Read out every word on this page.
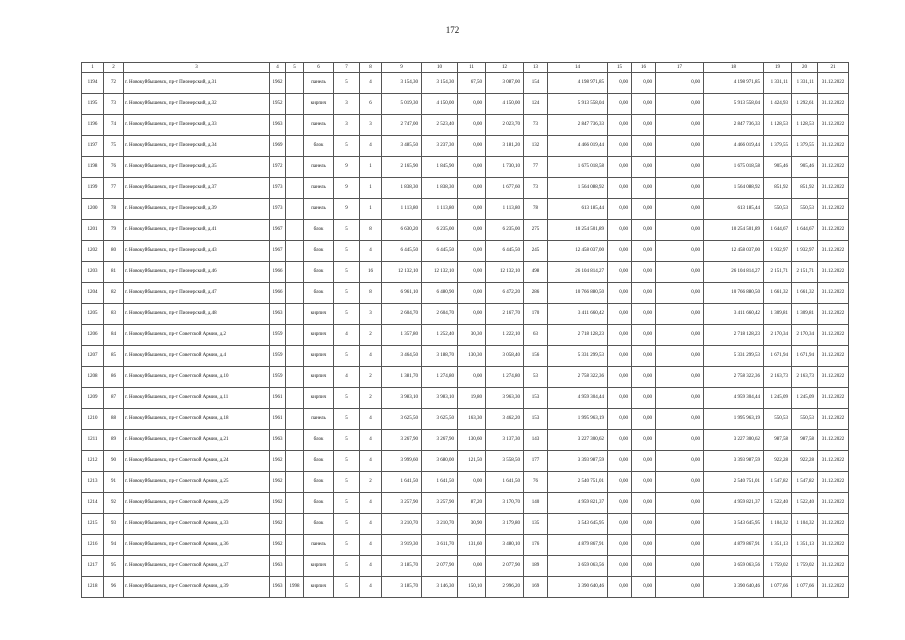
172
1	2	3	4	5	6	7	8	9	10	11	12	13	14	15	16	17	18	19	20	21
1194	72	г. Новокуйбышевск, пр-т Пионерский, д.31	1962		панель	5	4	3 154,30	3 154,30	67,50	3 087,00	154	4 198 971,85	0,00	0,00	0,00	4 198 971,85	1 331,11	1 331,11	31.12.2022
1195	73	г. Новокуйбышевск, пр-т Пионерский, д.32	1952		кирпич	3	6	5 019,30	4 150,00	0,00	4 150,00	124	5 913 558,04	0,00	0,00	0,00	5 913 558,04	1 424,93	1 292,61	31.12.2022
1196	74	г. Новокуйбышевск, пр-т Пионерский, д.33	1963		панель	3	3	2 747,00	2 523,40	0,00	2 023,70	73	2 847 736,33	0,00	0,00	0,00	2 847 736,33	1 128,53	1 128,53	31.12.2022
1197	75	г. Новокуйбышевск, пр-т Пионерский, д.34	1969		блок	5	4	3 485,50	3 237,30	0,00	3 181,20	132	4 466 019,44	0,00	0,00	0,00	4 466 019,44	1 379,55	1 379,55	31.12.2022
1198	76	г. Новокуйбышевск, пр-т Пионерский, д.35	1972		панель	9	1	2 165,90	1 845,90	0,00	1 730,10	77	1 675 018,58	0,00	0,00	0,00	1 675 018,58	905,46	905,46	31.12.2022
1199	77	г. Новокуйбышевск, пр-т Пионерский, д.37	1973		панель	9	1	1 838,30	1 838,30	0,00	1 677,60	73	1 564 088,92	0,00	0,00	0,00	1 564 088,92	851,92	851,92	31.12.2022
1200	78	г. Новокуйбышевск, пр-т Пионерский, д.39	1973		панель	9	1	1 113,80	1 113,80	0,00	1 113,80	78	613 185,44	0,00	0,00	0,00	613 185,44	550,53	550,53	31.12.2022
1201	79	г. Новокуйбышевск, пр-т Пионерский, д.41	1967		блок	5	8	6 630,20	6 235,00	0,00	6 235,00	275	10 254 501,89	0,00	0,00	0,00	10 254 501,89	1 644,67	1 644,67	31.12.2022
1202	80	г. Новокуйбышевск, пр-т Пионерский, д.43	1967		блок	5	4	6 445,50	6 445,50	0,00	6 445,50	245	12 458 037,00	0,00	0,00	0,00	12 458 037,00	1 932,97	1 932,97	31.12.2022
1203	81	г. Новокуйбышевск, пр-т Пионерский, д.46	1966		блок	5	16	12 132,10	12 132,10	0,00	12 132,10	498	26 104 814,27	0,00	0,00	0,00	26 104 814,27	2 151,71	2 151,71	31.12.2022
1204	82	г. Новокуйбышевск, пр-т Пионерский, д.47	1966		блок	5	8	6 961,10	6 480,90	0,00	6 472,20	286	10 766 880,50	0,00	0,00	0,00	10 766 880,50	1 661,32	1 661,32	31.12.2022
1205	83	г. Новокуйбышевск, пр-т Пионерский, д.48	1963		кирпич	5	3	2 604,70	2 604,70	0,00	2 167,70	170	3 411 660,42	0,00	0,00	0,00	3 411 660,42	1 309,81	1 309,81	31.12.2022
1206	84	г. Новокуйбышевск, пр-т Советской Армии, д.2	1959		кирпич	4	2	1 357,80	1 252,40	30,30	1 222,10	63	2 718 128,23	0,00	0,00	0,00	2 718 128,23	2 170,34	2 170,34	31.12.2022
1207	85	г. Новокуйбышевск, пр-т Советской Армии, д.4	1959		кирпич	5	4	3 464,50	3 188,70	130,30	3 058,40	156	5 331 299,53	0,00	0,00	0,00	5 331 299,53	1 671,94	1 671,94	31.12.2022
1208	86	г. Новокуйбышевск, пр-т Советской Армии, д.10	1959		кирпич	4	2	1 381,70	1 274,80	0,00	1 274,80	53	2 758 322,36	0,00	0,00	0,00	2 758 322,36	2 163,73	2 163,73	31.12.2022
1209	87	г. Новокуйбышевск, пр-т Советской Армии, д.11	1961		кирпич	5	2	3 983,10	3 983,10	19,80	3 963,30	153	4 959 304,44	0,00	0,00	0,00	4 959 304,44	1 245,09	1 245,09	31.12.2022
1210	88	г. Новокуйбышевск, пр-т Советской Армии, д.18	1961		панель	5	4	3 625,50	3 625,50	163,30	3 462,20	153	1 995 963,19	0,00	0,00	0,00	1 995 963,19	550,53	550,53	31.12.2022
1211	89	г. Новокуйбышевск, пр-т Советской Армии, д.21	1963		блок	5	4	3 267,90	3 267,90	130,60	3 137,30	143	3 227 300,62	0,00	0,00	0,00	3 227 300,62	987,58	987,58	31.12.2022
1212	90	г. Новокуйбышевск, пр-т Советской Армии, д.24	1962		блок	5	4	3 999,60	3 680,00	121,50	3 558,50	177	3 393 987,59	0,00	0,00	0,00	3 393 987,59	922,28	922,28	31.12.2022
1213	91	г. Новокуйбышевск, пр-т Советской Армии, д.25	1962		блок	5	2	1 641,50	1 641,50	0,00	1 641,50	76	2 540 751,01	0,00	0,00	0,00	2 540 751,01	1 547,82	1 547,82	31.12.2022
1214	92	г. Новокуйбышевск, пр-т Советской Армии, д.29	1962		блок	5	4	3 257,90	3 257,90	87,20	3 170,70	140	4 959 821,37	0,00	0,00	0,00	4 959 821,37	1 522,40	1 522,40	31.12.2022
1215	93	г. Новокуйбышевск, пр-т Советской Армии, д.33	1962		блок	5	4	3 210,70	3 210,70	30,90	3 179,80	135	3 543 645,95	0,00	0,00	0,00	3 543 645,95	1 104,32	1 104,32	31.12.2022
1216	94	г. Новокуйбышевск, пр-т Советской Армии, д.36	1962		панель	5	4	3 919,30	3 611,70	131,60	3 480,10	176	4 879 867,91	0,00	0,00	0,00	4 879 867,91	1 351,13	1 351,13	31.12.2022
1217	95	г. Новокуйбышевск, пр-т Советской Армии, д.37	1963		кирпич	5	4	3 185,70	2 077,90	0,00	2 077,90	189	3 659 063,56	0,00	0,00	0,00	3 659 063,56	1 759,02	1 759,02	31.12.2022
1218	96	г. Новокуйбышевск, пр-т Советской Армии, д.39	1963	1998	кирпич	5	4	3 185,70	3 146,30	150,10	2 996,20	169	3 390 640,46	0,00	0,00	0,00	3 390 640,46	1 077,66	1 077,66	31.12.2022
